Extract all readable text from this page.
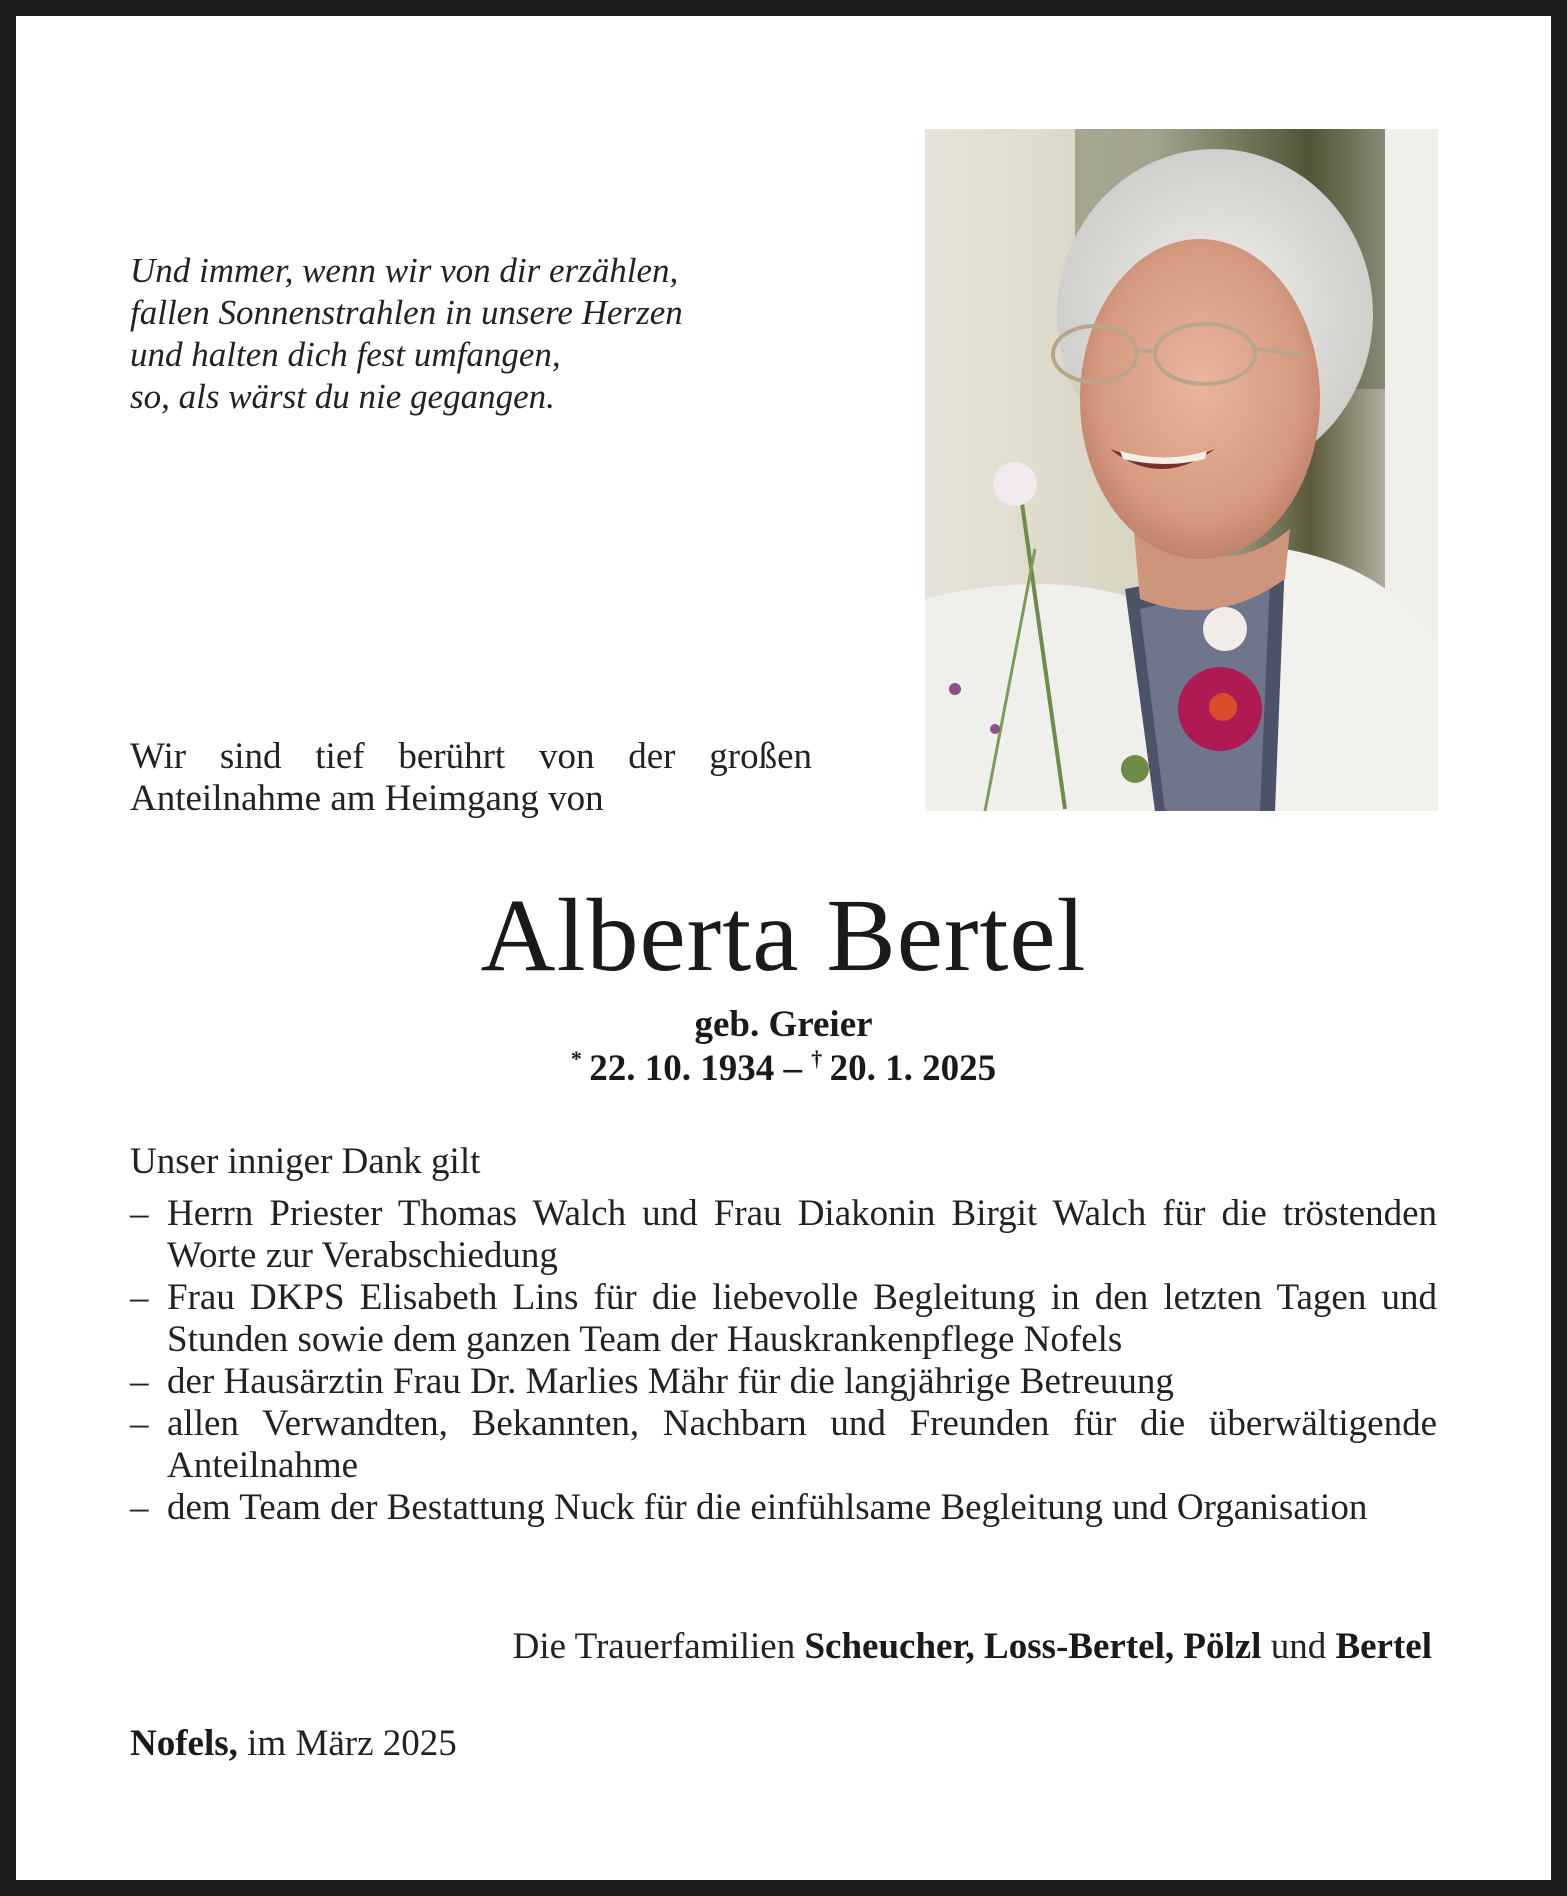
Und immer, wenn wir von dir erzählen,
fallen Sonnenstrahlen in unsere Herzen
und halten dich fest umfangen,
so, als wärst du nie gegangen.
Wir sind tief berührt von der großen
Anteilnahme am Heimgang von
Alberta Bertel
geb. Greier
*  22. 10. 1934 – †  20. 1. 2025
Unser inniger Dank gilt
– Herrn Priester Thomas Walch und Frau Diakonin Birgit Walch für die tröstenden Worte zur Verabschiedung
– Frau DKPS Elisabeth Lins für die liebevolle Begleitung in den letzten Tagen und Stunden sowie dem ganzen Team der Hauskrankenpflege Nofels
– der Hausärztin Frau Dr. Marlies Mähr für die langjährige Betreuung
– allen Verwandten, Bekannten, Nachbarn und Freunden für die überwältigende Anteilnahme
– dem Team der Bestattung Nuck für die einfühlsame Begleitung und Organisation
Die Trauerfamilien Scheucher, Loss-Bertel, Pölzl und Bertel
Nofels, im März 2025
